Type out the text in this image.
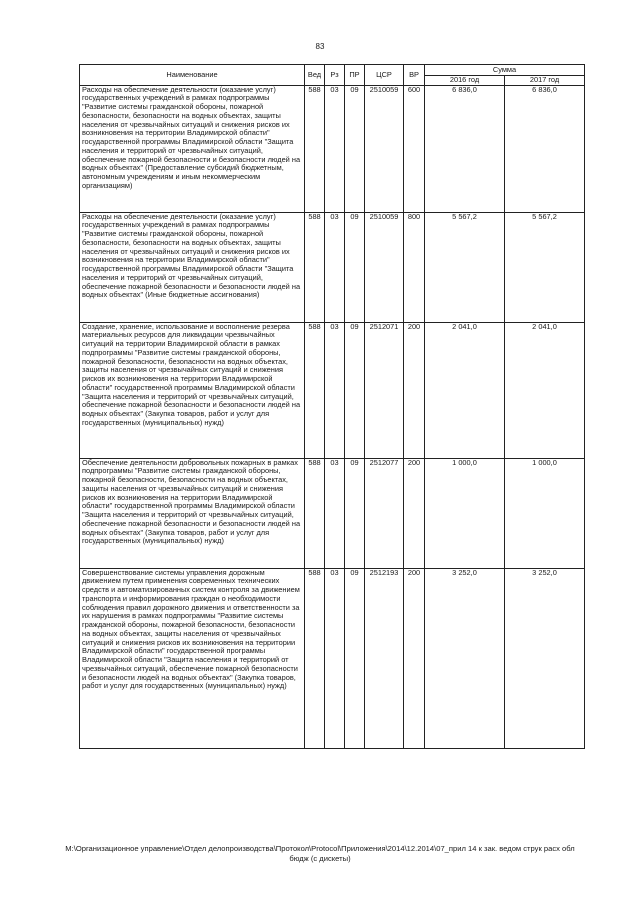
83
Наименование	Вед	Рз	ПР	ЦСР	ВР	Сумма	
						2016 год	2017 год
Расходы на обеспечение деятельности (оказание услуг) государственных учреждений в рамках подпрограммы "Развитие системы гражданской обороны, пожарной безопасности, безопасности на водных объектах, защиты населения от чрезвычайных ситуаций и снижения рисков их возникновения на территории Владимирской области" государственной программы Владимирской области "Защита населения и территорий от чрезвычайных ситуаций, обеспечение пожарной безопасности и безопасности людей на водных объектах" (Предоставление субсидий бюджетным, автономным учреждениям и иным некоммерческим организациям)	588	03	09	2510059	600	6 836,0	6 836,0
Расходы на обеспечение деятельности (оказание услуг) государственных учреждений в рамках подпрограммы "Развитие системы гражданской обороны, пожарной безопасности, безопасности на водных объектах, защиты населения от чрезвычайных ситуаций и снижения рисков их возникновения на территории Владимирской области" государственной программы Владимирской области "Защита населения и территорий от чрезвычайных ситуаций, обеспечение пожарной безопасности и безопасности людей на водных объектах" (Иные бюджетные ассигнования)	588	03	09	2510059	800	5 567,2	5 567,2
Создание, хранение, использование и восполнение резерва материальных ресурсов для ликвидации чрезвычайных ситуаций на территории Владимирской области в рамках подпрограммы "Развитие системы гражданской обороны, пожарной безопасности, безопасности на водных объектах, защиты населения от чрезвычайных ситуаций и снижения рисков их возникновения на территории Владимирской области" государственной программы Владимирской области "Защита населения и территорий от чрезвычайных ситуаций, обеспечение пожарной безопасности и безопасности людей на водных объектах" (Закупка товаров, работ и услуг для государственных (муниципальных) нужд)	588	03	09	2512071	200	2 041,0	2 041,0
Обеспечение деятельности добровольных пожарных в рамках подпрограммы "Развитие системы гражданской обороны, пожарной безопасности, безопасности на водных объектах, защиты населения от чрезвычайных ситуаций и снижения рисков их возникновения на территории Владимирской области" государственной программы Владимирской области "Защита населения и территорий от чрезвычайных ситуаций, обеспечение пожарной безопасности и безопасности людей на водных объектах" (Закупка товаров, работ и услуг для государственных (муниципальных) нужд)	588	03	09	2512077	200	1 000,0	1 000,0
Совершенствование системы управления дорожным движением путем применения современных технических средств и автоматизированных систем контроля за движением транспорта и информирования граждан о необходимости соблюдения правил дорожного движения и ответственности за их нарушения в рамках подпрограммы "Развитие системы гражданской обороны, пожарной безопасности, безопасности на водных объектах, защиты населения от чрезвычайных ситуаций и снижения рисков их возникновения на территории Владимирской области" государственной программы Владимирской области "Защита населения и территорий от чрезвычайных ситуаций, обеспечение пожарной безопасности и безопасности людей на водных объектах" (Закупка товаров, работ и услуг для государственных (муниципальных) нужд)	588	03	09	2512193	200	3 252,0	3 252,0
М:\Организационное управление\Отдел делопроизводства\Протокол\Protocol\Приложения\2014\12.2014\07_прил 14 к зак. ведом струк расх обл бюдж (с дискеты)
